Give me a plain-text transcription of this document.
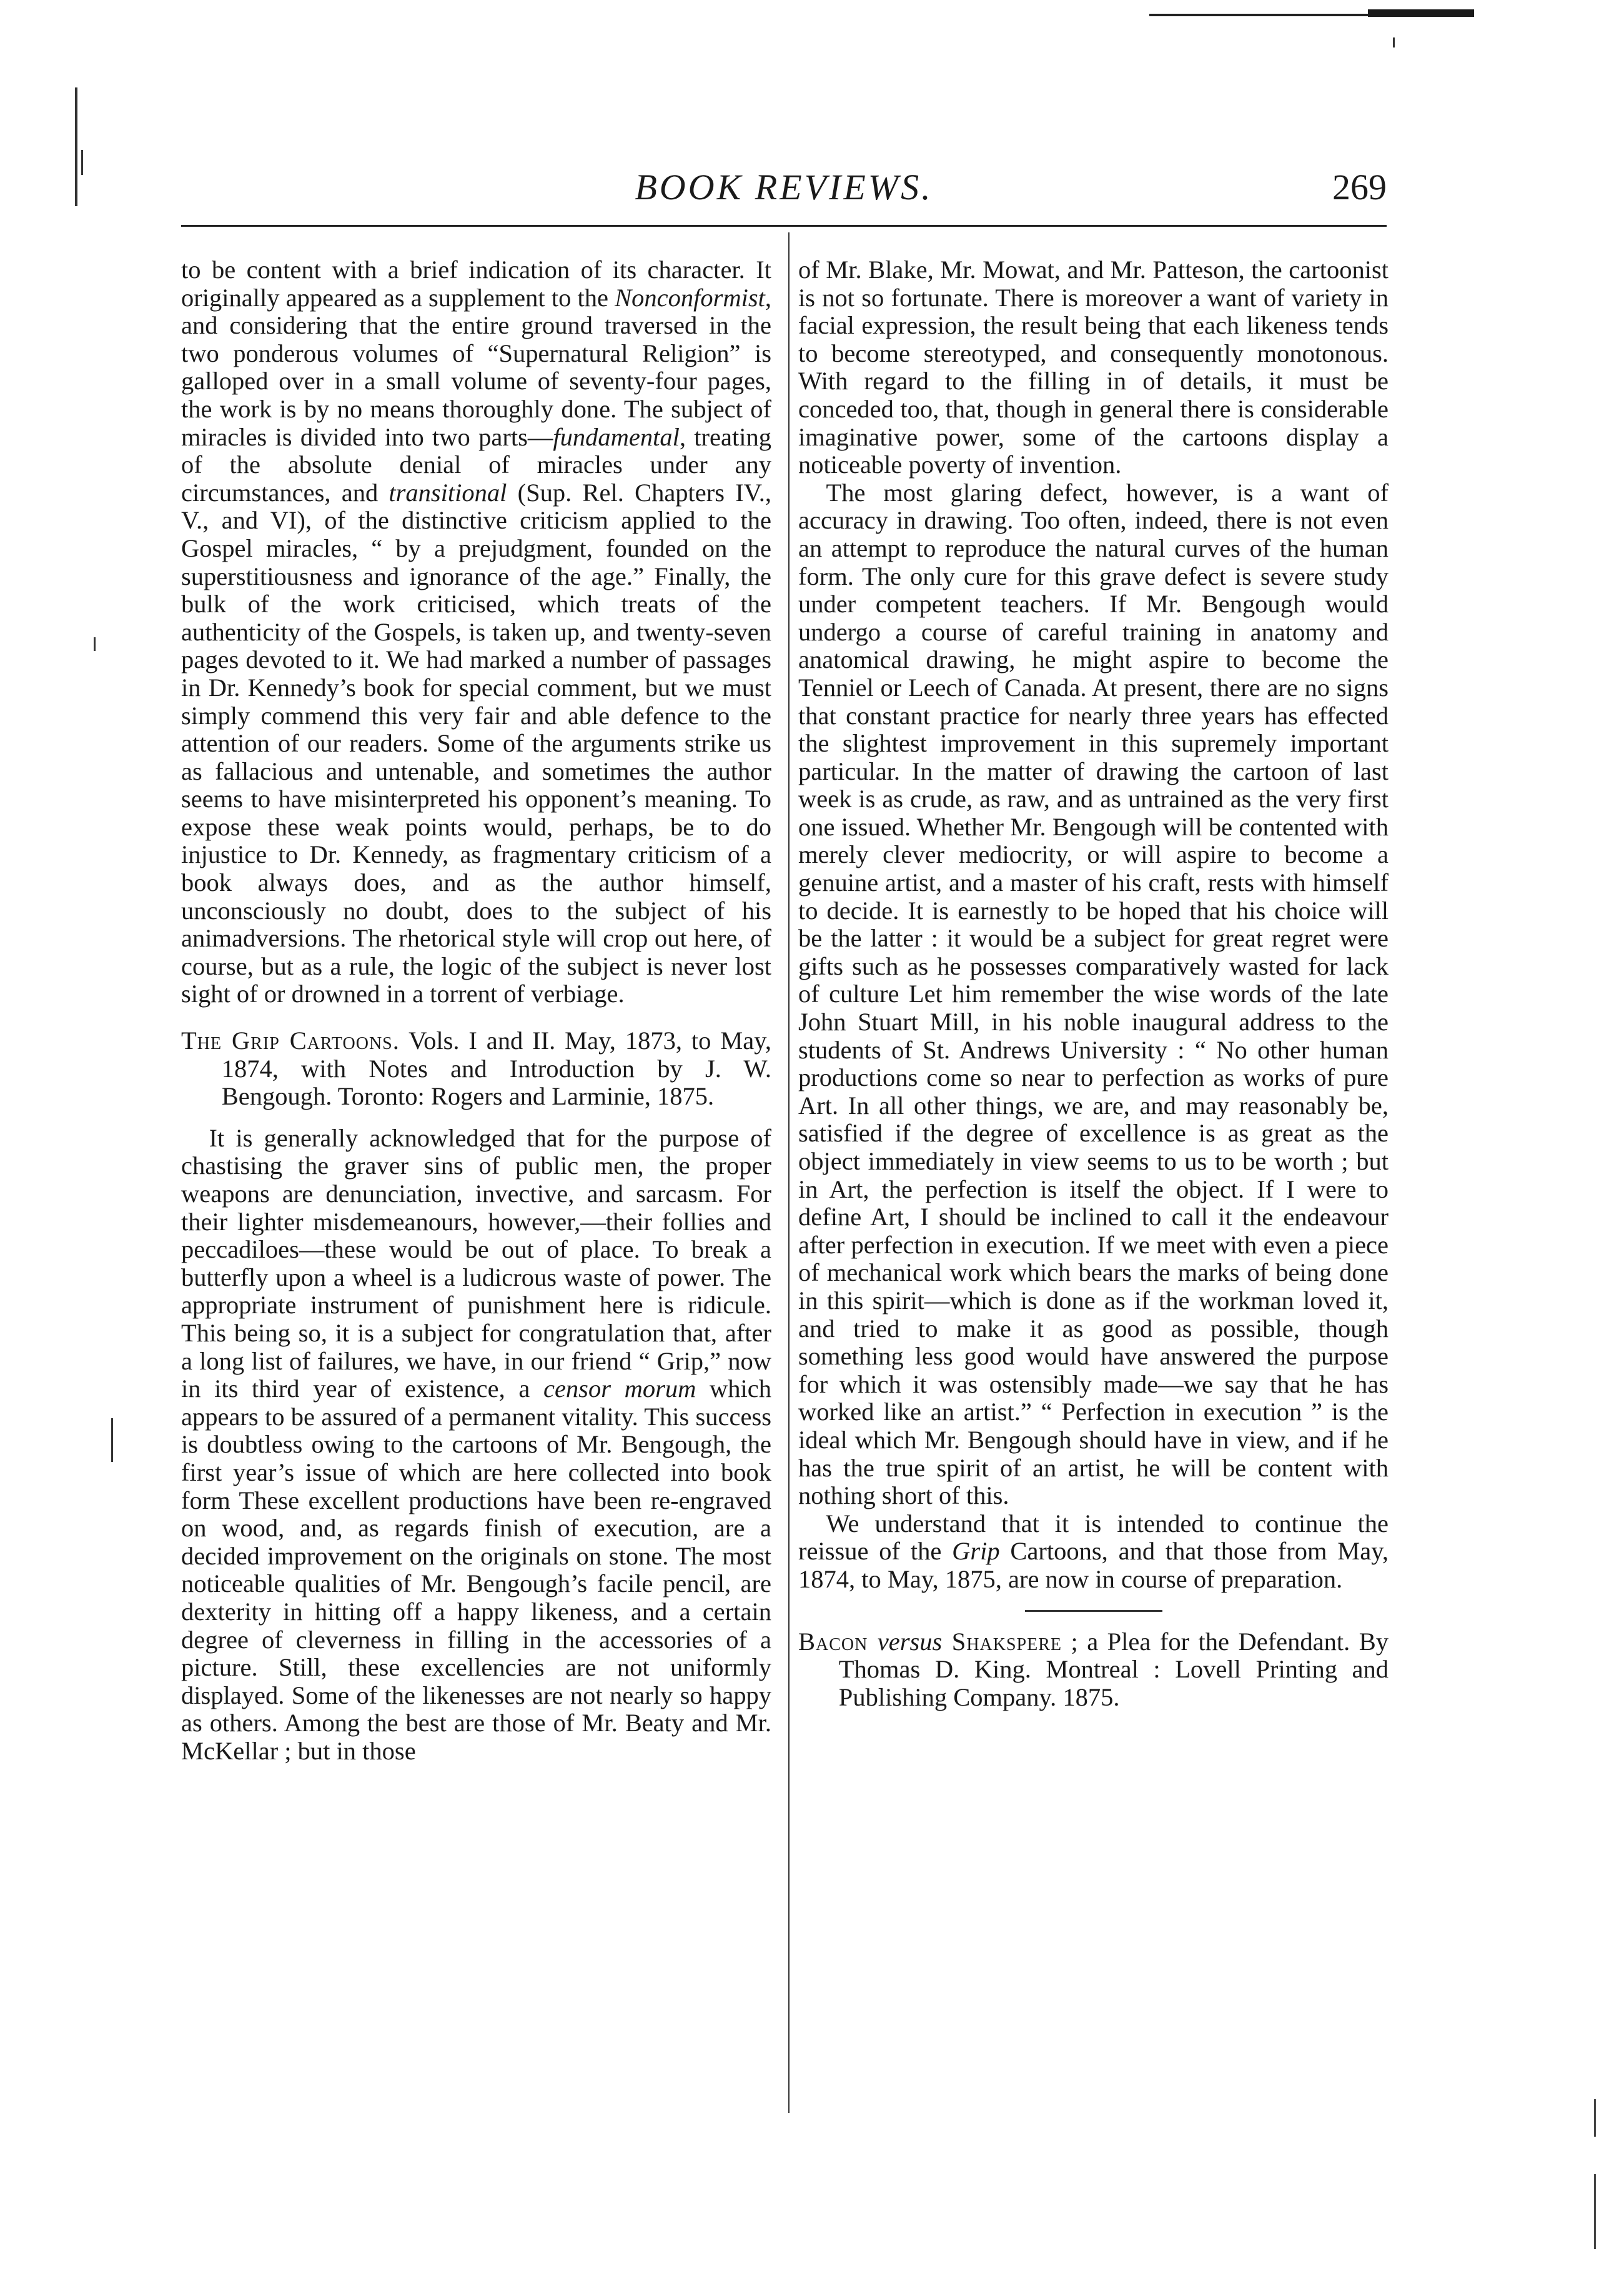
BOOK REVIEWS.	269

to be content with a brief indication of its character. It originally appeared as a supplement to the Nonconformist, and considering that the entire ground traversed in the two ponderous volumes of “Supernatural Religion” is galloped over in a small volume of seventy-four pages, the work is by no means thoroughly done. The subject of miracles is divided into two parts—fundamental, treating of the absolute denial of miracles under any circumstances, and transitional (Sup. Rel. Chapters IV., V., and VI), of the distinctive criticism applied to the Gospel miracles, “ by a prejudgment, founded on the superstitiousness and ignorance of the age.” Finally, the bulk of the work criticised, which treats of the authenticity of the Gospels, is taken up, and twenty-seven pages devoted to it. We had marked a number of passages in Dr. Kennedy’s book for special comment, but we must simply commend this very fair and able defence to the attention of our readers. Some of the arguments strike us as fallacious and untenable, and sometimes the author seems to have misinterpreted his opponent’s meaning. To expose these weak points would, perhaps, be to do injustice to Dr. Kennedy, as fragmentary criticism of a book always does, and as the author himself, unconsciously no doubt, does to the subject of his animadversions. The rhetorical style will crop out here, of course, but as a rule, the logic of the subject is never lost sight of or drowned in a torrent of verbiage.

The Grip Cartoons. Vols. I and II. May, 1873, to May, 1874, with Notes and Introduction by J. W. Bengough. Toronto: Rogers and Larminie, 1875.

It is generally acknowledged that for the purpose of chastising the graver sins of public men, the proper weapons are denunciation, invective, and sarcasm. For their lighter misdemeanours, however,—their follies and peccadiloes—these would be out of place. To break a butterfly upon a wheel is a ludicrous waste of power. The appropriate instrument of punishment here is ridicule. This being so, it is a subject for congratulation that, after a long list of failures, we have, in our friend “ Grip,” now in its third year of existence, a censor morum which appears to be assured of a permanent vitality. This success is doubtless owing to the cartoons of Mr. Bengough, the first year’s issue of which are here collected into book form These excellent productions have been re-engraved on wood, and, as regards finish of execution, are a decided improvement on the originals on stone. The most noticeable qualities of Mr. Bengough’s facile pencil, are dexterity in hitting off a happy likeness, and a certain degree of cleverness in filling in the accessories of a picture. Still, these excellencies are not uniformly displayed. Some of the likenesses are not nearly so happy as others. Among the best are those of Mr. Beaty and Mr. McKellar ; but in those

of Mr. Blake, Mr. Mowat, and Mr. Patteson, the cartoonist is not so fortunate. There is moreover a want of variety in facial expression, the result being that each likeness tends to become stereotyped, and consequently monotonous. With regard to the filling in of details, it must be conceded too, that, though in general there is considerable imaginative power, some of the cartoons display a noticeable poverty of invention.

The most glaring defect, however, is a want of accuracy in drawing. Too often, indeed, there is not even an attempt to reproduce the natural curves of the human form. The only cure for this grave defect is severe study under competent teachers. If Mr. Bengough would undergo a course of careful training in anatomy and anatomical drawing, he might aspire to become the Tenniel or Leech of Canada. At present, there are no signs that constant practice for nearly three years has effected the slightest improvement in this supremely important particular. In the matter of drawing the cartoon of last week is as crude, as raw, and as untrained as the very first one issued. Whether Mr. Bengough will be contented with merely clever mediocrity, or will aspire to become a genuine artist, and a master of his craft, rests with himself to decide. It is earnestly to be hoped that his choice will be the latter : it would be a subject for great regret were gifts such as he possesses comparatively wasted for lack of culture Let him remember the wise words of the late John Stuart Mill, in his noble inaugural address to the students of St. Andrews University : “ No other human productions come so near to perfection as works of pure Art. In all other things, we are, and may reasonably be, satisfied if the degree of excellence is as great as the object immediately in view seems to us to be worth ; but in Art, the perfection is itself the object. If I were to define Art, I should be inclined to call it the endeavour after perfection in execution. If we meet with even a piece of mechanical work which bears the marks of being done in this spirit—which is done as if the workman loved it, and tried to make it as good as possible, though something less good would have answered the purpose for which it was ostensibly made—we say that he has worked like an artist.” “ Perfection in execution ” is the ideal which Mr. Bengough should have in view, and if he has the true spirit of an artist, he will be content with nothing short of this.

We understand that it is intended to continue the reissue of the Grip Cartoons, and that those from May, 1874, to May, 1875, are now in course of preparation.

Bacon versus Shakspere ; a Plea for the Defendant. By Thomas D. King. Montreal : Lovell Printing and Publishing Company. 1875.
